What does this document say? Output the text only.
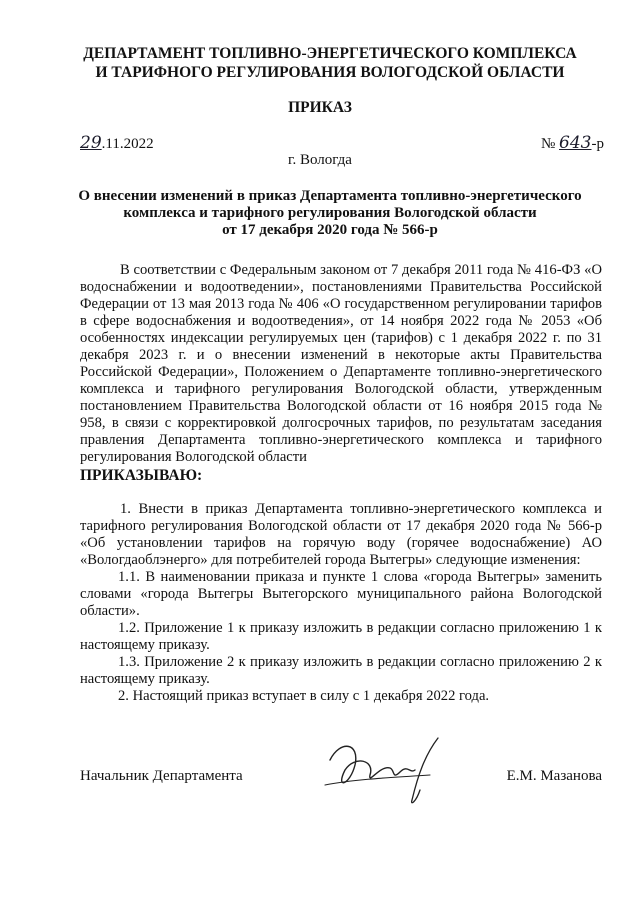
ДЕПАРТАМЕНТ ТОПЛИВНО-ЭНЕРГЕТИЧЕСКОГО КОМПЛЕКСА
И ТАРИФНОГО РЕГУЛИРОВАНИЯ ВОЛОГОДСКОЙ ОБЛАСТИ
ПРИКАЗ
29.11.2022	№ 643-р
г. Вологда
О внесении изменений в приказ Департамента топливно-энергетического
комплекса и тарифного регулирования Вологодской области
от 17 декабря 2020 года № 566-р

В соответствии с Федеральным законом от 7 декабря 2011 года № 416-ФЗ «О водоснабжении и водоотведении», постановлениями Правительства Российской Федерации от 13 мая 2013 года № 406 «О государственном регулировании тарифов в сфере водоснабжения и водоотведения», от 14 ноября 2022 года № 2053 «Об особенностях индексации регулируемых цен (тарифов) с 1 декабря 2022 г. по 31 декабря 2023 г. и о внесении изменений в некоторые акты Правительства Российской Федерации», Положением о Департаменте топливно-энергетического комплекса и тарифного регулирования Вологодской области, утвержденным постановлением Правительства Вологодской области от 16 ноября 2015 года № 958, в связи с корректировкой долгосрочных тарифов, по результатам заседания правления Департамента топливно-энергетического комплекса и тарифного регулирования Вологодской области

ПРИКАЗЫВАЮ:

1. Внести в приказ Департамента топливно-энергетического комплекса и тарифного регулирования Вологодской области от 17 декабря 2020 года № 566-р «Об установлении тарифов на горячую воду (горячее водоснабжение) АО «Вологдаоблэнерго» для потребителей города Вытегры» следующие изменения:

1.1. В наименовании приказа и пункте 1 слова «города Вытегры» заменить словами «города Вытегры Вытегорского муниципального района Вологодской области».

1.2. Приложение 1 к приказу изложить в редакции согласно приложению 1 к настоящему приказу.

1.3. Приложение 2 к приказу изложить в редакции согласно приложению 2 к настоящему приказу.

2. Настоящий приказ вступает в силу с 1 декабря 2022 года.

Начальник Департамента	Е.М. Мазанова
